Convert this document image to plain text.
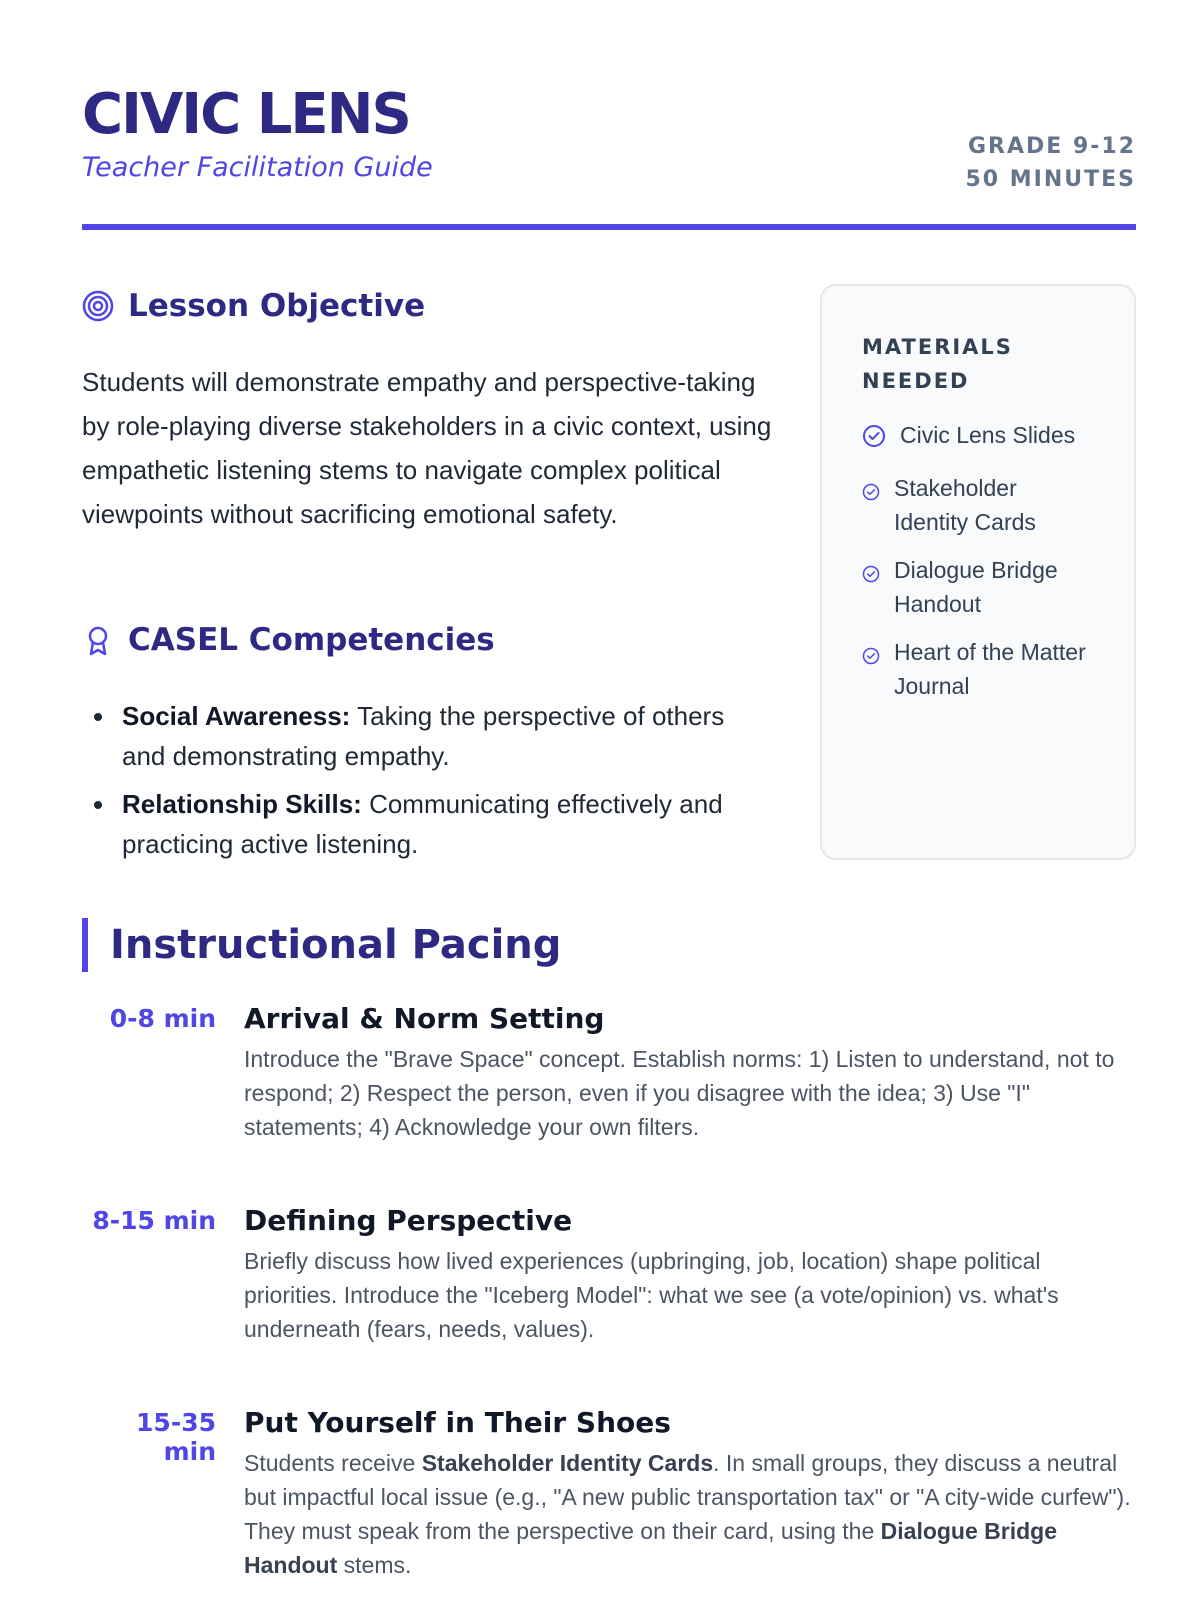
CIVIC LENS
Teacher Facilitation Guide
GRADE 9-12
50 MINUTES
Lesson Objective

Students will demonstrate empathy and perspective-taking by role-playing diverse stakeholders in a civic context, using empathetic listening stems to navigate complex political viewpoints without sacrificing emotional safety.

CASEL Competencies
Social Awareness: Taking the perspective of others and demonstrating empathy.
Relationship Skills: Communicating effectively and practicing active listening.
MATERIALS NEEDED
Civic Lens Slides
Stakeholder Identity Cards
Dialogue Bridge Handout
Heart of the Matter Journal
Instructional Pacing
0-8 min Arrival & Norm Setting

Introduce the "Brave Space" concept. Establish norms: 1) Listen to understand, not to respond; 2) Respect the person, even if you disagree with the idea; 3) Use "I" statements; 4) Acknowledge your own filters.

8-15 min Defining Perspective

Briefly discuss how lived experiences (upbringing, job, location) shape political priorities. Introduce the "Iceberg Model": what we see (a vote/opinion) vs. what's underneath (fears, needs, values).

15-35 min
Put Yourself in Their Shoes

Students receive Stakeholder Identity Cards. In small groups, they discuss a neutral but impactful local issue (e.g., "A new public transportation tax" or "A city-wide curfew"). They must speak from the perspective on their card, using the Dialogue Bridge Handout stems.
